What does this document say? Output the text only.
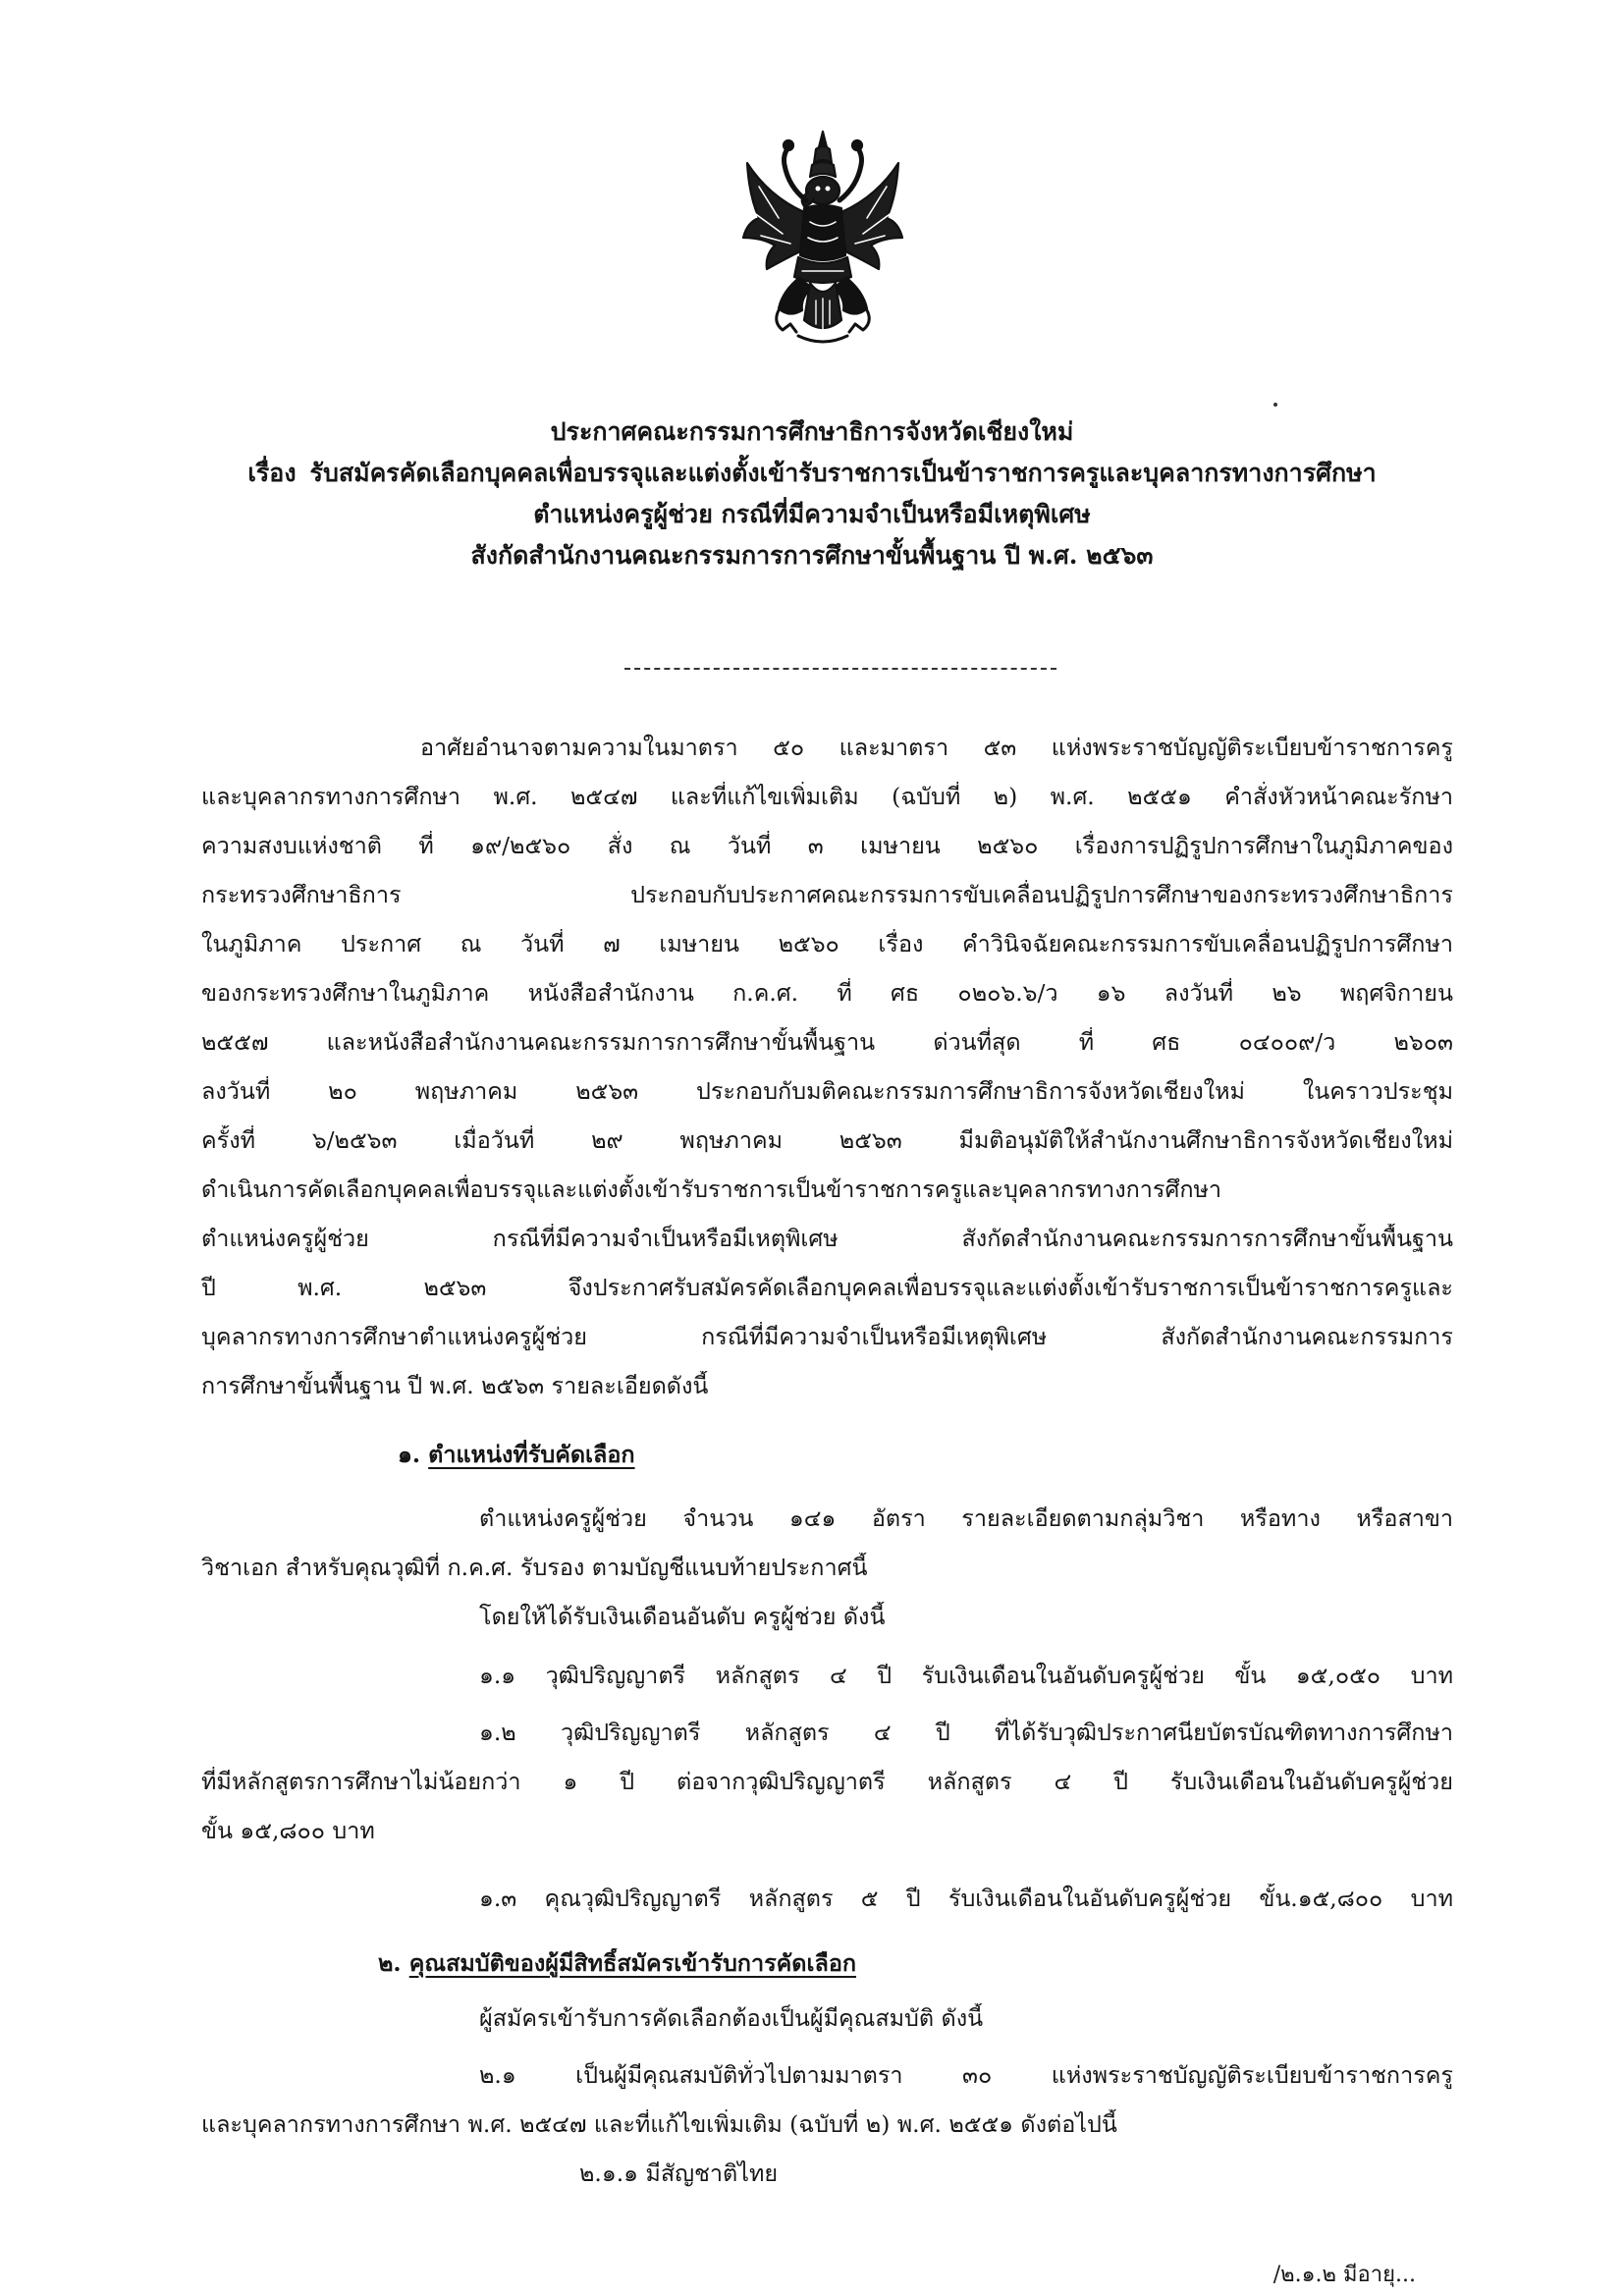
ประกาศคณะกรรมการศึกษาธิการจังหวัดเชียงใหม่
เรื่อง รับสมัครคัดเลือกบุคคลเพื่อบรรจุและแต่งตั้งเข้ารับราชการเป็นข้าราชการครูและบุคลากรทางการศึกษา
ตำแหน่งครูผู้ช่วย กรณีที่มีความจำเป็นหรือมีเหตุพิเศษ
สังกัดสำนักงานคณะกรรมการการศึกษาขั้นพื้นฐาน ปี พ.ศ. ๒๕๖๓
อาศัยอำนาจตามความในมาตรา ๕๐ และมาตรา ๕๓ แห่งพระราชบัญญัติระเบียบข้าราชการครู
และบุคลากรทางการศึกษา พ.ศ. ๒๕๔๗ และที่แก้ไขเพิ่มเติม (ฉบับที่ ๒) พ.ศ. ๒๕๕๑ คำสั่งหัวหน้าคณะรักษา
ความสงบแห่งชาติ ที่ ๑๙/๒๕๖๐ สั่ง ณ วันที่ ๓ เมษายน ๒๕๖๐ เรื่องการปฏิรูปการศึกษาในภูมิภาคของ
กระทรวงศึกษาธิการ ประกอบกับประกาศคณะกรรมการขับเคลื่อนปฏิรูปการศึกษาของกระทรวงศึกษาธิการ
ในภูมิภาค ประกาศ ณ วันที่ ๗ เมษายน ๒๕๖๐ เรื่อง คำวินิจฉัยคณะกรรมการขับเคลื่อนปฏิรูปการศึกษา
ของกระทรวงศึกษาในภูมิภาค หนังสือสำนักงาน ก.ค.ศ. ที่ ศธ ๐๒๐๖.๖/ว ๑๖ ลงวันที่ ๒๖ พฤศจิกายน
๒๕๕๗ และหนังสือสำนักงานคณะกรรมการการศึกษาขั้นพื้นฐาน ด่วนที่สุด ที่ ศธ ๐๔๐๐๙/ว ๒๖๐๓
ลงวันที่ ๒๐ พฤษภาคม ๒๕๖๓ ประกอบกับมติคณะกรรมการศึกษาธิการจังหวัดเชียงใหม่ ในคราวประชุม
ครั้งที่ ๖/๒๕๖๓ เมื่อวันที่ ๒๙ พฤษภาคม ๒๕๖๓ มีมติอนุมัติให้สำนักงานศึกษาธิการจังหวัดเชียงใหม่
ดำเนินการคัดเลือกบุคคลเพื่อบรรจุและแต่งตั้งเข้ารับราชการเป็นข้าราชการครูและบุคลากรทางการศึกษา
ตำแหน่งครูผู้ช่วย กรณีที่มีความจำเป็นหรือมีเหตุพิเศษ สังกัดสำนักงานคณะกรรมการการศึกษาขั้นพื้นฐาน
ปี พ.ศ. ๒๕๖๓ จึงประกาศรับสมัครคัดเลือกบุคคลเพื่อบรรจุและแต่งตั้งเข้ารับราชการเป็นข้าราชการครูและ
บุคลากรทางการศึกษาตำแหน่งครูผู้ช่วย กรณีที่มีความจำเป็นหรือมีเหตุพิเศษ สังกัดสำนักงานคณะกรรมการ
การศึกษาขั้นพื้นฐาน ปี พ.ศ. ๒๕๖๓ รายละเอียดดังนี้
๑. ตำแหน่งที่รับคัดเลือก
ตำแหน่งครูผู้ช่วย จำนวน ๑๔๑ อัตรา รายละเอียดตามกลุ่มวิชา หรือทาง หรือสาขา
วิชาเอก สำหรับคุณวุฒิที่ ก.ค.ศ. รับรอง ตามบัญชีแนบท้ายประกาศนี้
โดยให้ได้รับเงินเดือนอันดับ ครูผู้ช่วย ดังนี้
๑.๑ วุฒิปริญญาตรี หลักสูตร ๔ ปี รับเงินเดือนในอันดับครูผู้ช่วย ขั้น ๑๕,๐๕๐ บาท
๑.๒ วุฒิปริญญาตรี หลักสูตร ๔ ปี ที่ได้รับวุฒิประกาศนียบัตรบัณฑิตทางการศึกษา
ที่มีหลักสูตรการศึกษาไม่น้อยกว่า ๑ ปี ต่อจากวุฒิปริญญาตรี หลักสูตร ๔ ปี รับเงินเดือนในอันดับครูผู้ช่วย
ขั้น ๑๕,๘๐๐ บาท
๑.๓ คุณวุฒิปริญญาตรี หลักสูตร ๕ ปี รับเงินเดือนในอันดับครูผู้ช่วย ขั้น.๑๕,๘๐๐ บาท
๒. คุณสมบัติของผู้มีสิทธิ์สมัครเข้ารับการคัดเลือก
ผู้สมัครเข้ารับการคัดเลือกต้องเป็นผู้มีคุณสมบัติ ดังนี้
๒.๑ เป็นผู้มีคุณสมบัติทั่วไปตามมาตรา ๓๐ แห่งพระราชบัญญัติระเบียบข้าราชการครู
และบุคลากรทางการศึกษา พ.ศ. ๒๕๔๗ และที่แก้ไขเพิ่มเติม (ฉบับที่ ๒) พ.ศ. ๒๕๕๑ ดังต่อไปนี้
๒.๑.๑ มีสัญชาติไทย
/๒.๑.๒ มีอายุ...
